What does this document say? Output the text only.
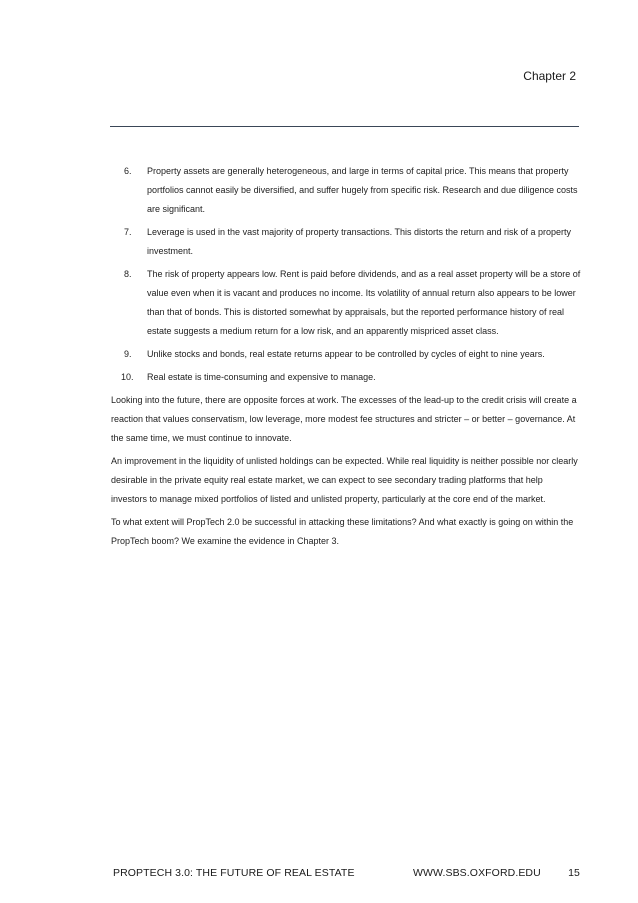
Chapter 2
6.	Property assets are generally heterogeneous, and large in terms of capital price. This means that property portfolios cannot easily be diversified, and suffer hugely from specific risk. Research and due diligence costs are significant.
7.	Leverage is used in the vast majority of property transactions. This distorts the return and risk of a property investment.
8.	The risk of property appears low. Rent is paid before dividends, and as a real asset property will be a store of value even when it is vacant and produces no income. Its volatility of annual return also appears to be lower than that of bonds. This is distorted somewhat by appraisals, but the reported performance history of real estate suggests a medium return for a low risk, and an apparently mispriced asset class.
9.	Unlike stocks and bonds, real estate returns appear to be controlled by cycles of eight to nine years.
10.	Real estate is time-consuming and expensive to manage.

Looking into the future, there are opposite forces at work. The excesses of the lead-up to the credit crisis will create a reaction that values conservatism, low leverage, more modest fee structures and stricter – or better – governance. At the same time, we must continue to innovate.

An improvement in the liquidity of unlisted holdings can be expected. While real liquidity is neither possible nor clearly desirable in the private equity real estate market, we can expect to see secondary trading platforms that help investors to manage mixed portfolios of listed and unlisted property, particularly at the core end of the market.

To what extent will PropTech 2.0 be successful in attacking these limitations? And what exactly is going on within the PropTech boom? We examine the evidence in Chapter 3.

PROPTECH 3.0: THE FUTURE OF REAL ESTATE	WWW.SBS.OXFORD.EDU	15
